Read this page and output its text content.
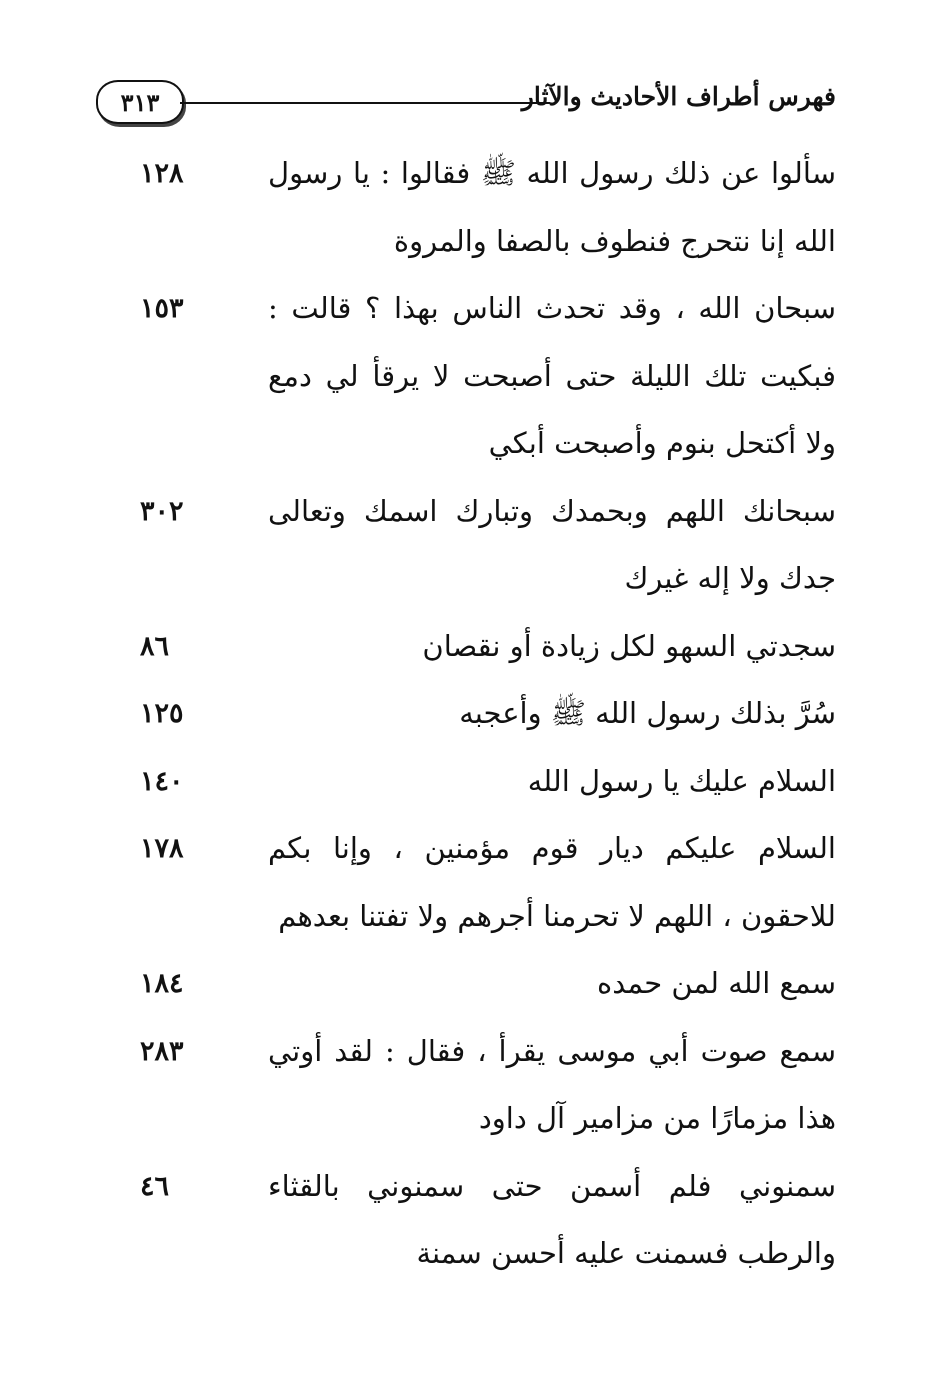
٣١٣	فهرس أطراف الأحاديث والآثار
سألوا عن ذلك رسول الله ﷺ فقالوا : يا رسول الله إنا نتحرج فنطوف بالصفا والمروة
١٢٨
سبحان الله ، وقد تحدث الناس بهذا ؟ قالت : فبكيت تلك الليلة حتى أصبحت لا يرقأ لي دمع ولا أكتحل بنوم وأصبحت أبكي
١٥٣
سبحانك اللهم وبحمدك وتبارك اسمك وتعالى جدك ولا إله غيرك
٣٠٢
سجدتي السهو لكل زيادة أو نقصان
٨٦
سُرَّ بذلك رسول الله ﷺ وأعجبه
١٢٥
السلام عليك يا رسول الله
١٤٠
السلام عليكم ديار قوم مؤمنين ، وإنا بكم للاحقون ، اللهم لا تحرمنا أجرهم ولا تفتنا بعدهم
١٧٨
سمع الله لمن حمده
١٨٤
سمع صوت أبي موسى يقرأ ، فقال : لقد أوتي هذا مزمارًا من مزامير آل داود
٢٨٣
سمنوني فلم أسمن حتى سمنوني بالقثاء والرطب فسمنت عليه أحسن سمنة
٤٦
